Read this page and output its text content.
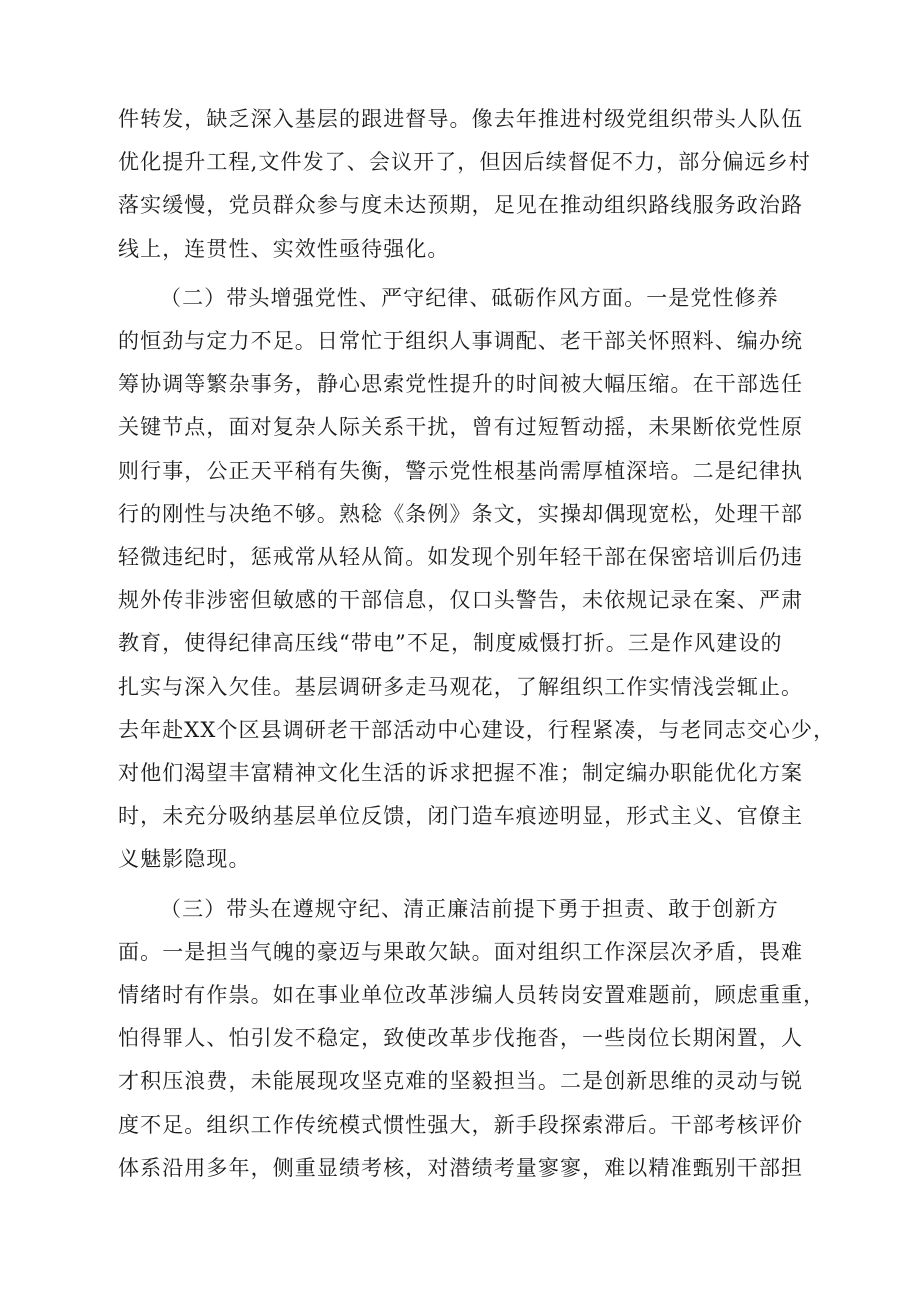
件转发，缺乏深入基层的跟进督导。像去年推进村级党组织带头人队伍
优化提升工程,文件发了、会议开了，但因后续督促不力，部分偏远乡村
落实缓慢，党员群众参与度未达预期，足见在推动组织路线服务政治路
线上，连贯性、实效性亟待强化。
（二）带头增强党性、严守纪律、砥砺作风方面。一是党性修养
的恒劲与定力不足。日常忙于组织人事调配、老干部关怀照料、编办统
筹协调等繁杂事务，静心思索党性提升的时间被大幅压缩。在干部选任
关键节点，面对复杂人际关系干扰，曾有过短暂动摇，未果断依党性原
则行事，公正天平稍有失衡，警示党性根基尚需厚植深培。二是纪律执
行的刚性与决绝不够。熟稔《条例》条文，实操却偶现宽松，处理干部
轻微违纪时，惩戒常从轻从简。如发现个别年轻干部在保密培训后仍违
规外传非涉密但敏感的干部信息，仅口头警告，未依规记录在案、严肃
教育，使得纪律高压线“带电”不足，制度威慑打折。三是作风建设的
扎实与深入欠佳。基层调研多走马观花，了解组织工作实情浅尝辄止。
去年赴XX个区县调研老干部活动中心建设，行程紧凑，与老同志交心少，
对他们渴望丰富精神文化生活的诉求把握不准；制定编办职能优化方案
时，未充分吸纳基层单位反馈，闭门造车痕迹明显，形式主义、官僚主
义魅影隐现。
（三）带头在遵规守纪、清正廉洁前提下勇于担责、敢于创新方
面。一是担当气魄的豪迈与果敢欠缺。面对组织工作深层次矛盾，畏难
情绪时有作祟。如在事业单位改革涉编人员转岗安置难题前，顾虑重重，
怕得罪人、怕引发不稳定，致使改革步伐拖沓，一些岗位长期闲置，人
才积压浪费，未能展现攻坚克难的坚毅担当。二是创新思维的灵动与锐
度不足。组织工作传统模式惯性强大，新手段探索滞后。干部考核评价
体系沿用多年，侧重显绩考核，对潜绩考量寥寥，难以精准甄别干部担
